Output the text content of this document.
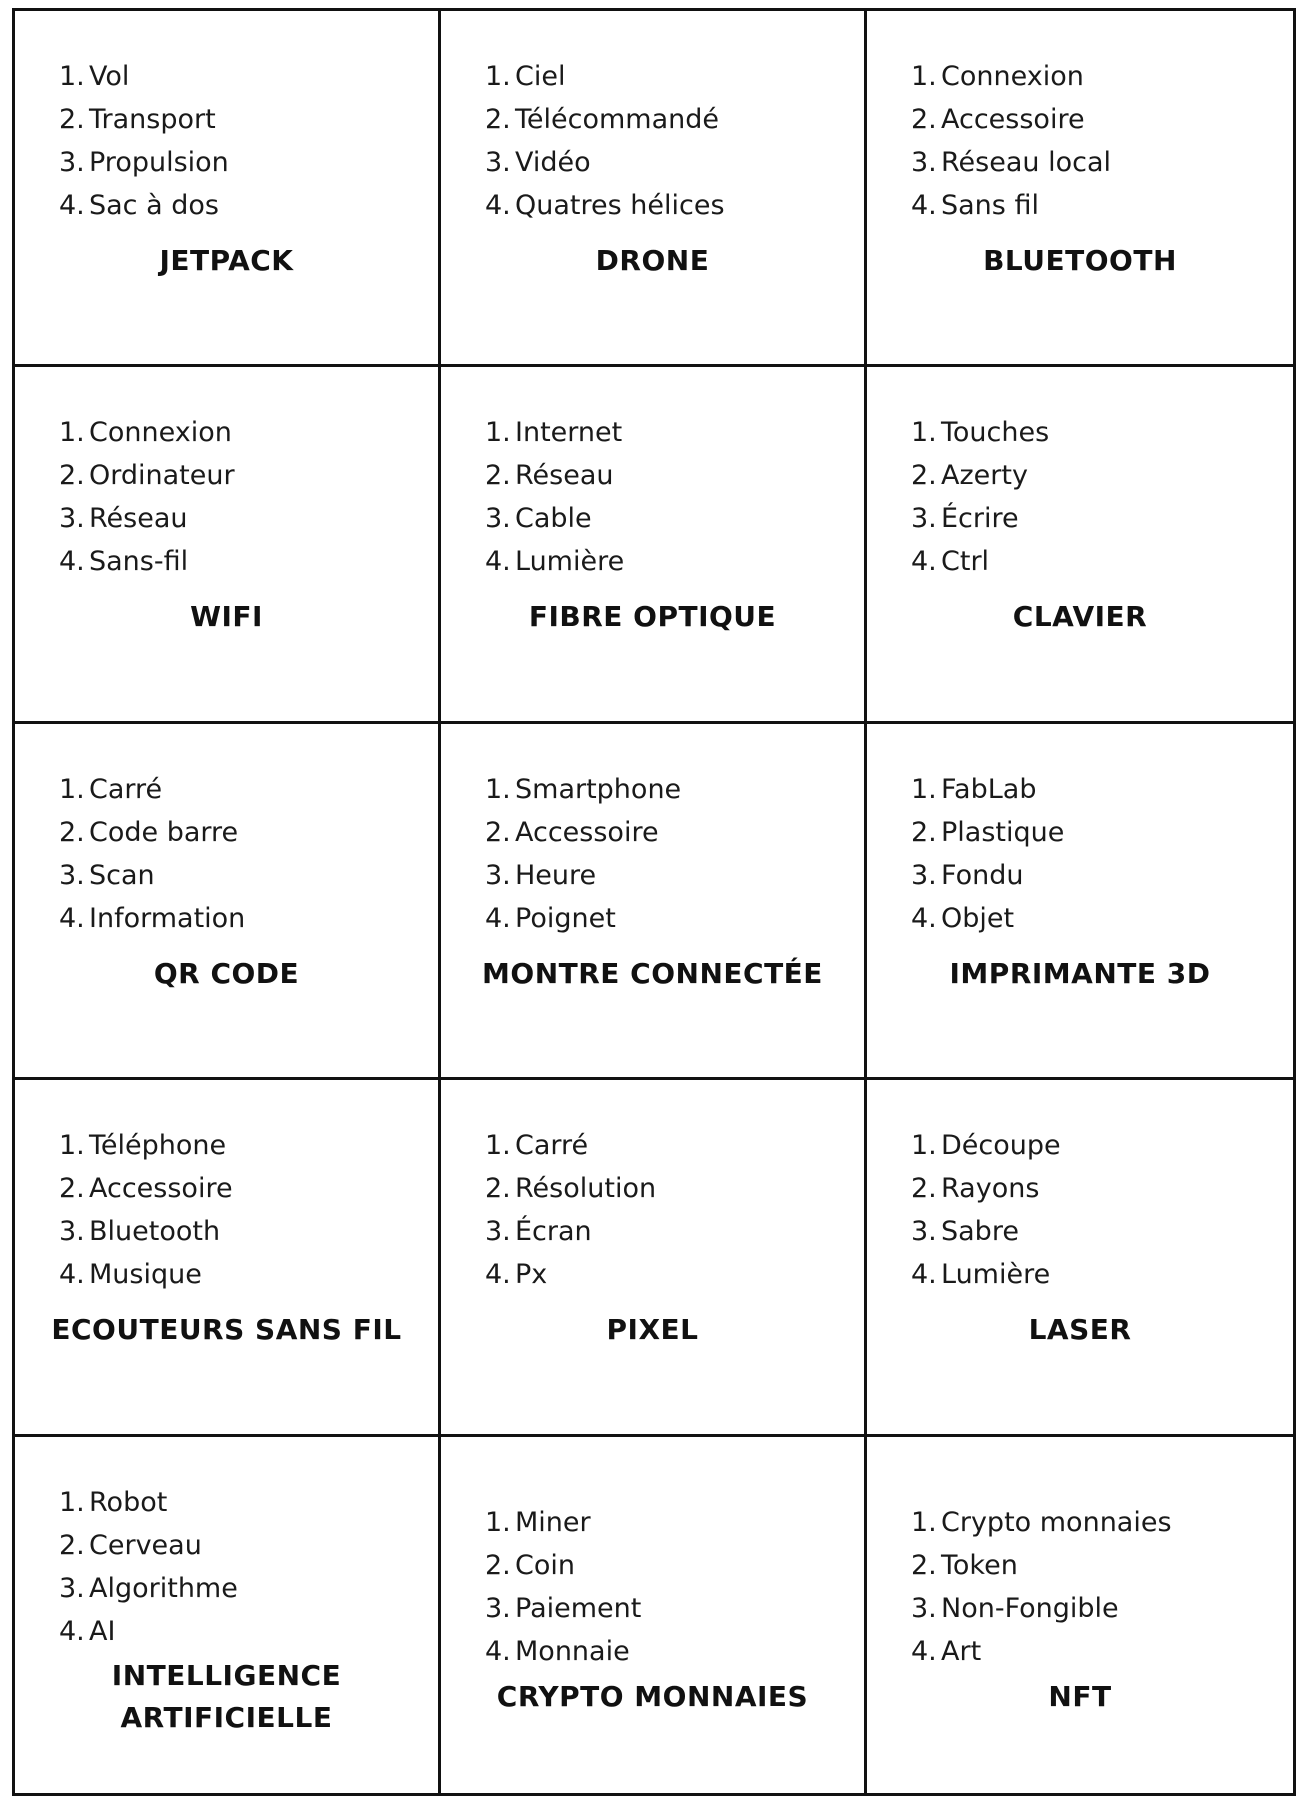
1. Vol
2. Transport
3. Propulsion
4. Sac à dos
JETPACK
1. Ciel
2. Télécommandé
3. Vidéo
4. Quatres hélices
DRONE
1. Connexion
2. Accessoire
3. Réseau local
4. Sans fil
BLUETOOTH
1. Connexion
2. Ordinateur
3. Réseau
4. Sans-fil
WIFI
1. Internet
2. Réseau
3. Cable
4. Lumière
FIBRE OPTIQUE
1. Touches
2. Azerty
3. Écrire
4. Ctrl
CLAVIER
1. Carré
2. Code barre
3. Scan
4. Information
QR CODE
1. Smartphone
2. Accessoire
3. Heure
4. Poignet
MONTRE CONNECTÉE
1. FabLab
2. Plastique
3. Fondu
4. Objet
IMPRIMANTE 3D
1. Téléphone
2. Accessoire
3. Bluetooth
4. Musique
ECOUTEURS SANS FIL
1. Carré
2. Résolution
3. Écran
4. Px
PIXEL
1. Découpe
2. Rayons
3. Sabre
4. Lumière
LASER
1. Robot
2. Cerveau
3. Algorithme
4. AI
INTELLIGENCE ARTIFICIELLE
1. Miner
2. Coin
3. Paiement
4. Monnaie
CRYPTO MONNAIES
1. Crypto monnaies
2. Token
3. Non-Fongible
4. Art
NFT
